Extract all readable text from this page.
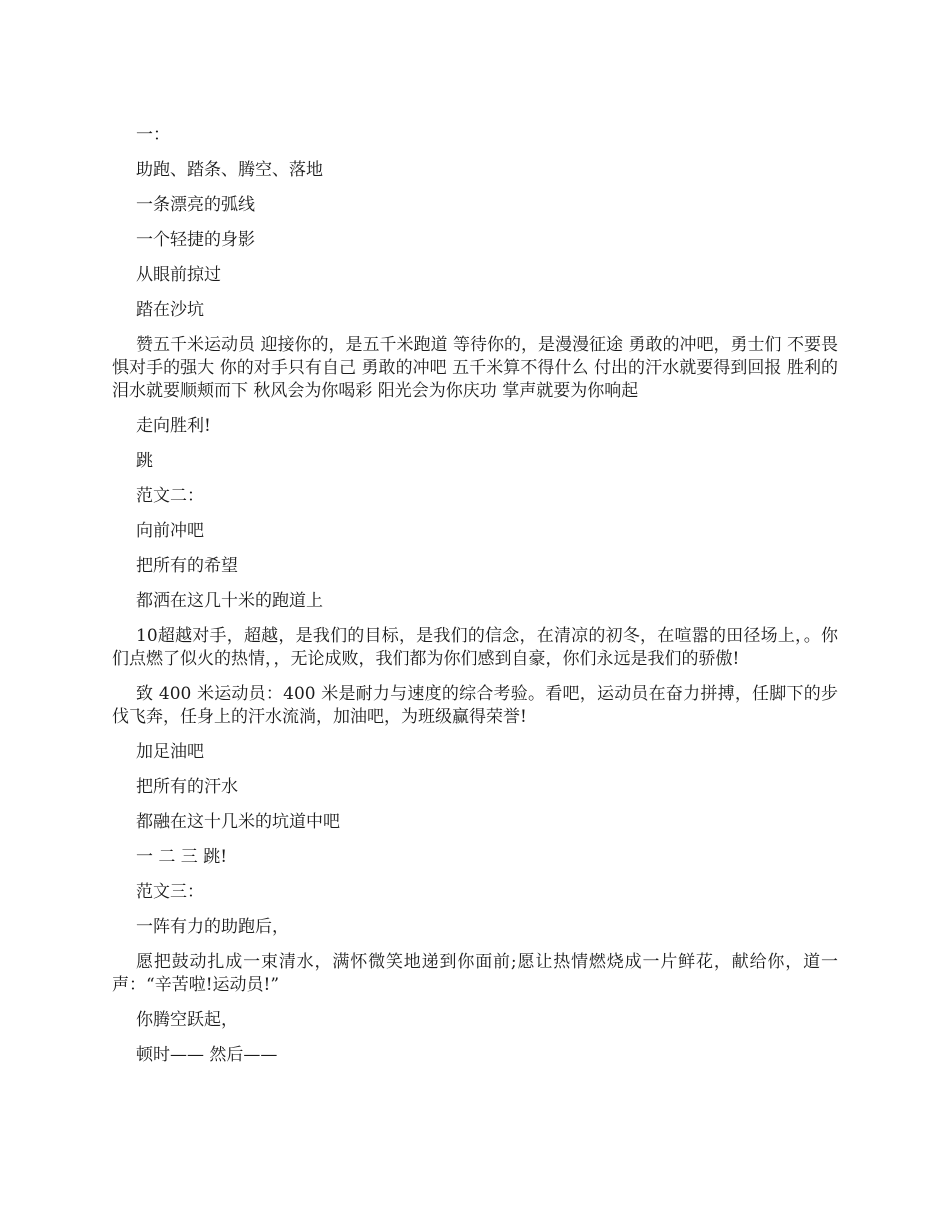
一：

助跑、踏条、腾空、落地

一条漂亮的弧线

一个轻捷的身影

从眼前掠过

踏在沙坑

赞五千米运动员 迎接你的，是五千米跑道 等待你的，是漫漫征途 勇敢的冲吧，勇士们 不要畏惧对手的强大 你的对手只有自己 勇敢的冲吧 五千米算不得什么 付出的汗水就要得到回报 胜利的泪水就要顺颊而下 秋风会为你喝彩 阳光会为你庆功 掌声就要为你响起

走向胜利!

跳

范文二：

向前冲吧

把所有的希望

都洒在这几十米的跑道上

10超越对手，超越，是我们的目标，是我们的信念，在清凉的初冬，在喧嚣的田径场上，。你们点燃了似火的热情，，无论成败，我们都为你们感到自豪，你们永远是我们的骄傲!

致 400 米运动员：400 米是耐力与速度的综合考验。看吧，运动员在奋力拼搏，任脚下的步伐飞奔，任身上的汗水流淌，加油吧，为班级赢得荣誉!

加足油吧

把所有的汗水

都融在这十几米的坑道中吧

一 二 三 跳!

范文三：

一阵有力的助跑后，

愿把鼓动扎成一束清水，满怀微笑地递到你面前;愿让热情燃烧成一片鲜花，献给你，道一声：“辛苦啦!运动员!”

你腾空跃起，

顿时—— 然后——
